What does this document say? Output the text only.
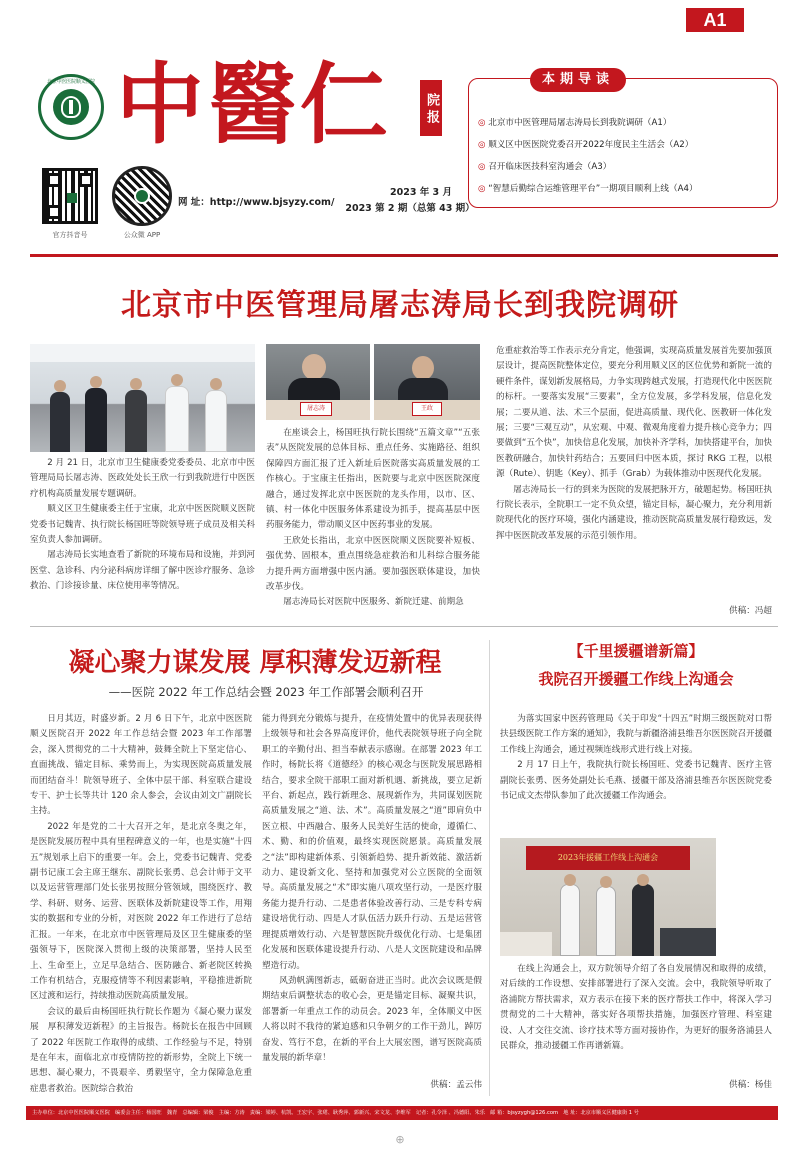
A1
北京中医医院顺义医院 中醫仁	院报
官方抖音号	公众微 APP
网 址：http://www.bjsyzy.com/
2023 年 3 月
2023 第 2 期（总第 43 期）
本期导读
◎ 北京市中医管理局屠志涛局长到我院调研（A1）
◎ 顺义区中医医院党委召开2022年度民主生活会（A2）
◎ 召开临床医技科室沟通会（A3）
◎ “智慧后勤综合运维管理平台”一期项目顺利上线（A4）
北京市中医管理局屠志涛局长到我院调研
屠志涛	王政

2 月 21 日，北京市卫生健康委党委委员、北京市中医管理局局长屠志涛、医政处处长王欣一行到我院进行中医医疗机构高质量发展专题调研。

顺义区卫生健康委主任于宝康，北京中医医院顺义医院党委书记魏青、执行院长杨国旺等院领导班子成员及相关科室负责人参加调研。

屠志涛局长实地查看了新院的环境布局和设施，并到河医堂、急诊科、内分泌科病房详细了解中医诊疗服务、急诊救治、门诊接诊量、床位使用率等情况。

在座谈会上，杨国旺执行院长围绕“五篇文章”“五张表”从医院发展的总体目标、重点任务、实施路径、组织保障四方面汇报了迁入新址后医院落实高质量发展的工作核心。于宝康主任指出，医院要与北京中医医院深度融合，通过发挥北京中医医院的龙头作用，以市、区、镇、村一体化中医服务体系建设为抓手，提高基层中医药服务能力，带动顺义区中医药事业的发展。

王欣处长指出，北京中医医院顺义医院要补短板、强优势、固根本，重点围绕急症救治和儿科综合服务能力提升两方面增强中医内涵。要加强医联体建设，加快改革步伐。

屠志涛局长对医院中医服务、新院迁建、前期急

危重症救治等工作表示充分肯定，他强调，实现高质量发展首先要加强顶层设计，提高医院整体定位，要充分利用顺义区的区位优势和新院一流的硬件条件，谋划新发展格局，力争实现跨越式发展，打造现代化中医医院的标杆。一要落实发展“三要素”，全方位发展，多学科发展，信息化发展；二要从道、法、术三个层面，促进高质量、现代化、医教研一体化发展；三要“三观互动”，从宏观、中观、微观角度着力提升核心竞争力；四要做到“五个快”，加快信息化发展，加快补齐学科，加快搭建平台，加快医教研融合，加快针药结合；五要回归中医本质，探讨 RKG 工程，以根源（Rute）、钥匙（Key）、抓手（Grab）为载体推动中医现代化发展。

屠志涛局长一行的到来为医院的发展把脉开方，破题起势。杨国旺执行院长表示，全院职工一定不负众望，锚定目标，凝心聚力，充分利用新院现代化的医疗环境，强化内涵建设，推动医院高质量发展行稳致远，发挥中医医院改革发展的示范引领作用。

供稿：冯超
凝心聚力谋发展 厚积薄发迈新程
——医院 2022 年工作总结会暨 2023 年工作部署会顺利召开

日月其迈，时盛岁新。2 月 6 日下午，北京中医医院顺义医院召开 2022 年工作总结会暨 2023 年工作部署会，深入贯彻党的二十大精神，鼓舞全院上下坚定信心、直面挑战、锚定目标、乘势而上，为实现医院高质量发展而团结奋斗！院领导班子、全体中层干部、科室联合建设专干、护士长等共计 120 余人参会，会议由刘文广副院长主持。

2022 年是党的二十大召开之年，是北京冬奥之年，是医院发展历程中具有里程碑意义的一年，也是实施“十四五”规划承上启下的重要一年。会上，党委书记魏青、党委副书记康工会主席王继东、副院长张勇、总会计师于文平以及运营管理部门处长张男按照分管领域，围绕医疗、教学、科研、财务、运营、医联体及新院建设等工作，用翔实的数据和专业的分析，对医院 2022 年工作进行了总结汇报。一年来，在北京市中医管理局及区卫生健康委的坚强领导下，医院深入贯彻上级的决策部署，坚持人民至上、生命至上，立足早急结合、医防融合、新老院区转换工作有机结合，克服疫情等不利因素影响，平稳推进新院区过渡和运行，持续推动医院高质量发展。

会议的最后由杨国旺执行院长作题为《凝心聚力谋发展　厚积薄发迈新程》的主旨报告。杨院长在报告中回顾了 2022 年医院工作取得的成绩、工作经验与不足，特别是在年末，面临北京市疫情防控的新形势，全院上下统一思想、凝心聚力，不畏艰辛、勇毅坚守，全力保障急危重症患者救治。医院综合救治

能力得到充分锻炼与提升，在疫情处置中的优异表现获得上级领导和社会各界高度评价，他代表院领导班子向全院职工的辛勤付出、担当奉献表示感谢。在部署 2023 年工作时，杨院长将《道德经》的核心观念与医院发展思路相结合，要求全院干部职工面对新机遇、新挑战，要立足新平台、新起点，践行新理念、展现新作为，共同谋划医院高质量发展之“道、法、术”。高质量发展之“道”即肩负中医立根、中西融合、服务人民美好生活的使命，遵循仁、术、勤、和的价值观，最终实现医院愿景。高质量发展之“法”即构建新体系、引领新趋势、提升新效能、激活新动力、建设新文化、坚持和加强党对公立医院的全面领导。高质量发展之“术”即实施八项攻坚行动，一是医疗服务能力提升行动、二是患者体验改善行动、三是专科专病建设培优行动、四是人才队伍活力跃升行动、五是运营管理提质增效行动、六是智慧医院升级优化行动、七是集团化发展和医联体建设提升行动、八是人文医院建设和品牌塑造行动。

风劲帆满图新志，砥砺奋进正当时。此次会议既是假期结束后调整状态的收心会，更是锚定目标、凝聚共识，部署新一年重点工作的动员会。2023 年，全体顺义中医人将以时不我待的紧迫感和只争朝夕的工作干劲儿，踔厉奋发、笃行不怠，在新的平台上大展宏图，谱写医院高质量发展的新华章！

供稿：孟云伟
【千里援疆谱新篇】
我院召开援疆工作线上沟通会

为落实国家中医药管理局《关于印发“十四五”时期三级医院对口帮扶县级医院工作方案的通知》，我院与新疆洛浦县维吾尔医医院召开援疆工作线上沟通会，通过视频连线形式进行线上对接。

2 月 17 日上午，我院执行院长杨国旺、党委书记魏青、医疗主管副院长张勇、医务处副处长毛燕、援疆干部及洛浦县维吾尔医医院党委书记成文杰带队参加了此次援疆工作沟通会。

2023年援疆工作线上沟通会

在线上沟通会上，双方院领导介绍了各自发展情况和取得的成绩，对后续的工作设想、安排部署进行了深入交流。会中，我院领导听取了洛浦院方帮扶需求，双方表示在接下来的医疗帮扶工作中，将深入学习贯彻党的二十大精神，落实好各项帮扶措施，加强医疗管理、科室建设、人才交往交流、诊疗技术等方面对接协作，为更好的服务洛浦县人民群众，推动援疆工作再谱新篇。

供稿：杨佳
主办单位：北京中医医院顺义医院　编委会主任：杨国旺　魏青　总编辑：梁俊　主编：方涛　责编：梁婷、杭凯、王宏宇、张珺、耿秀萍、郭新兴、宋文龙、李维军　记者：孔令泽 、冯德阳、朱乐　邮 箱：bjsyzygh@126.com　地 址：北京市顺义区健康街 1 号
⊕
